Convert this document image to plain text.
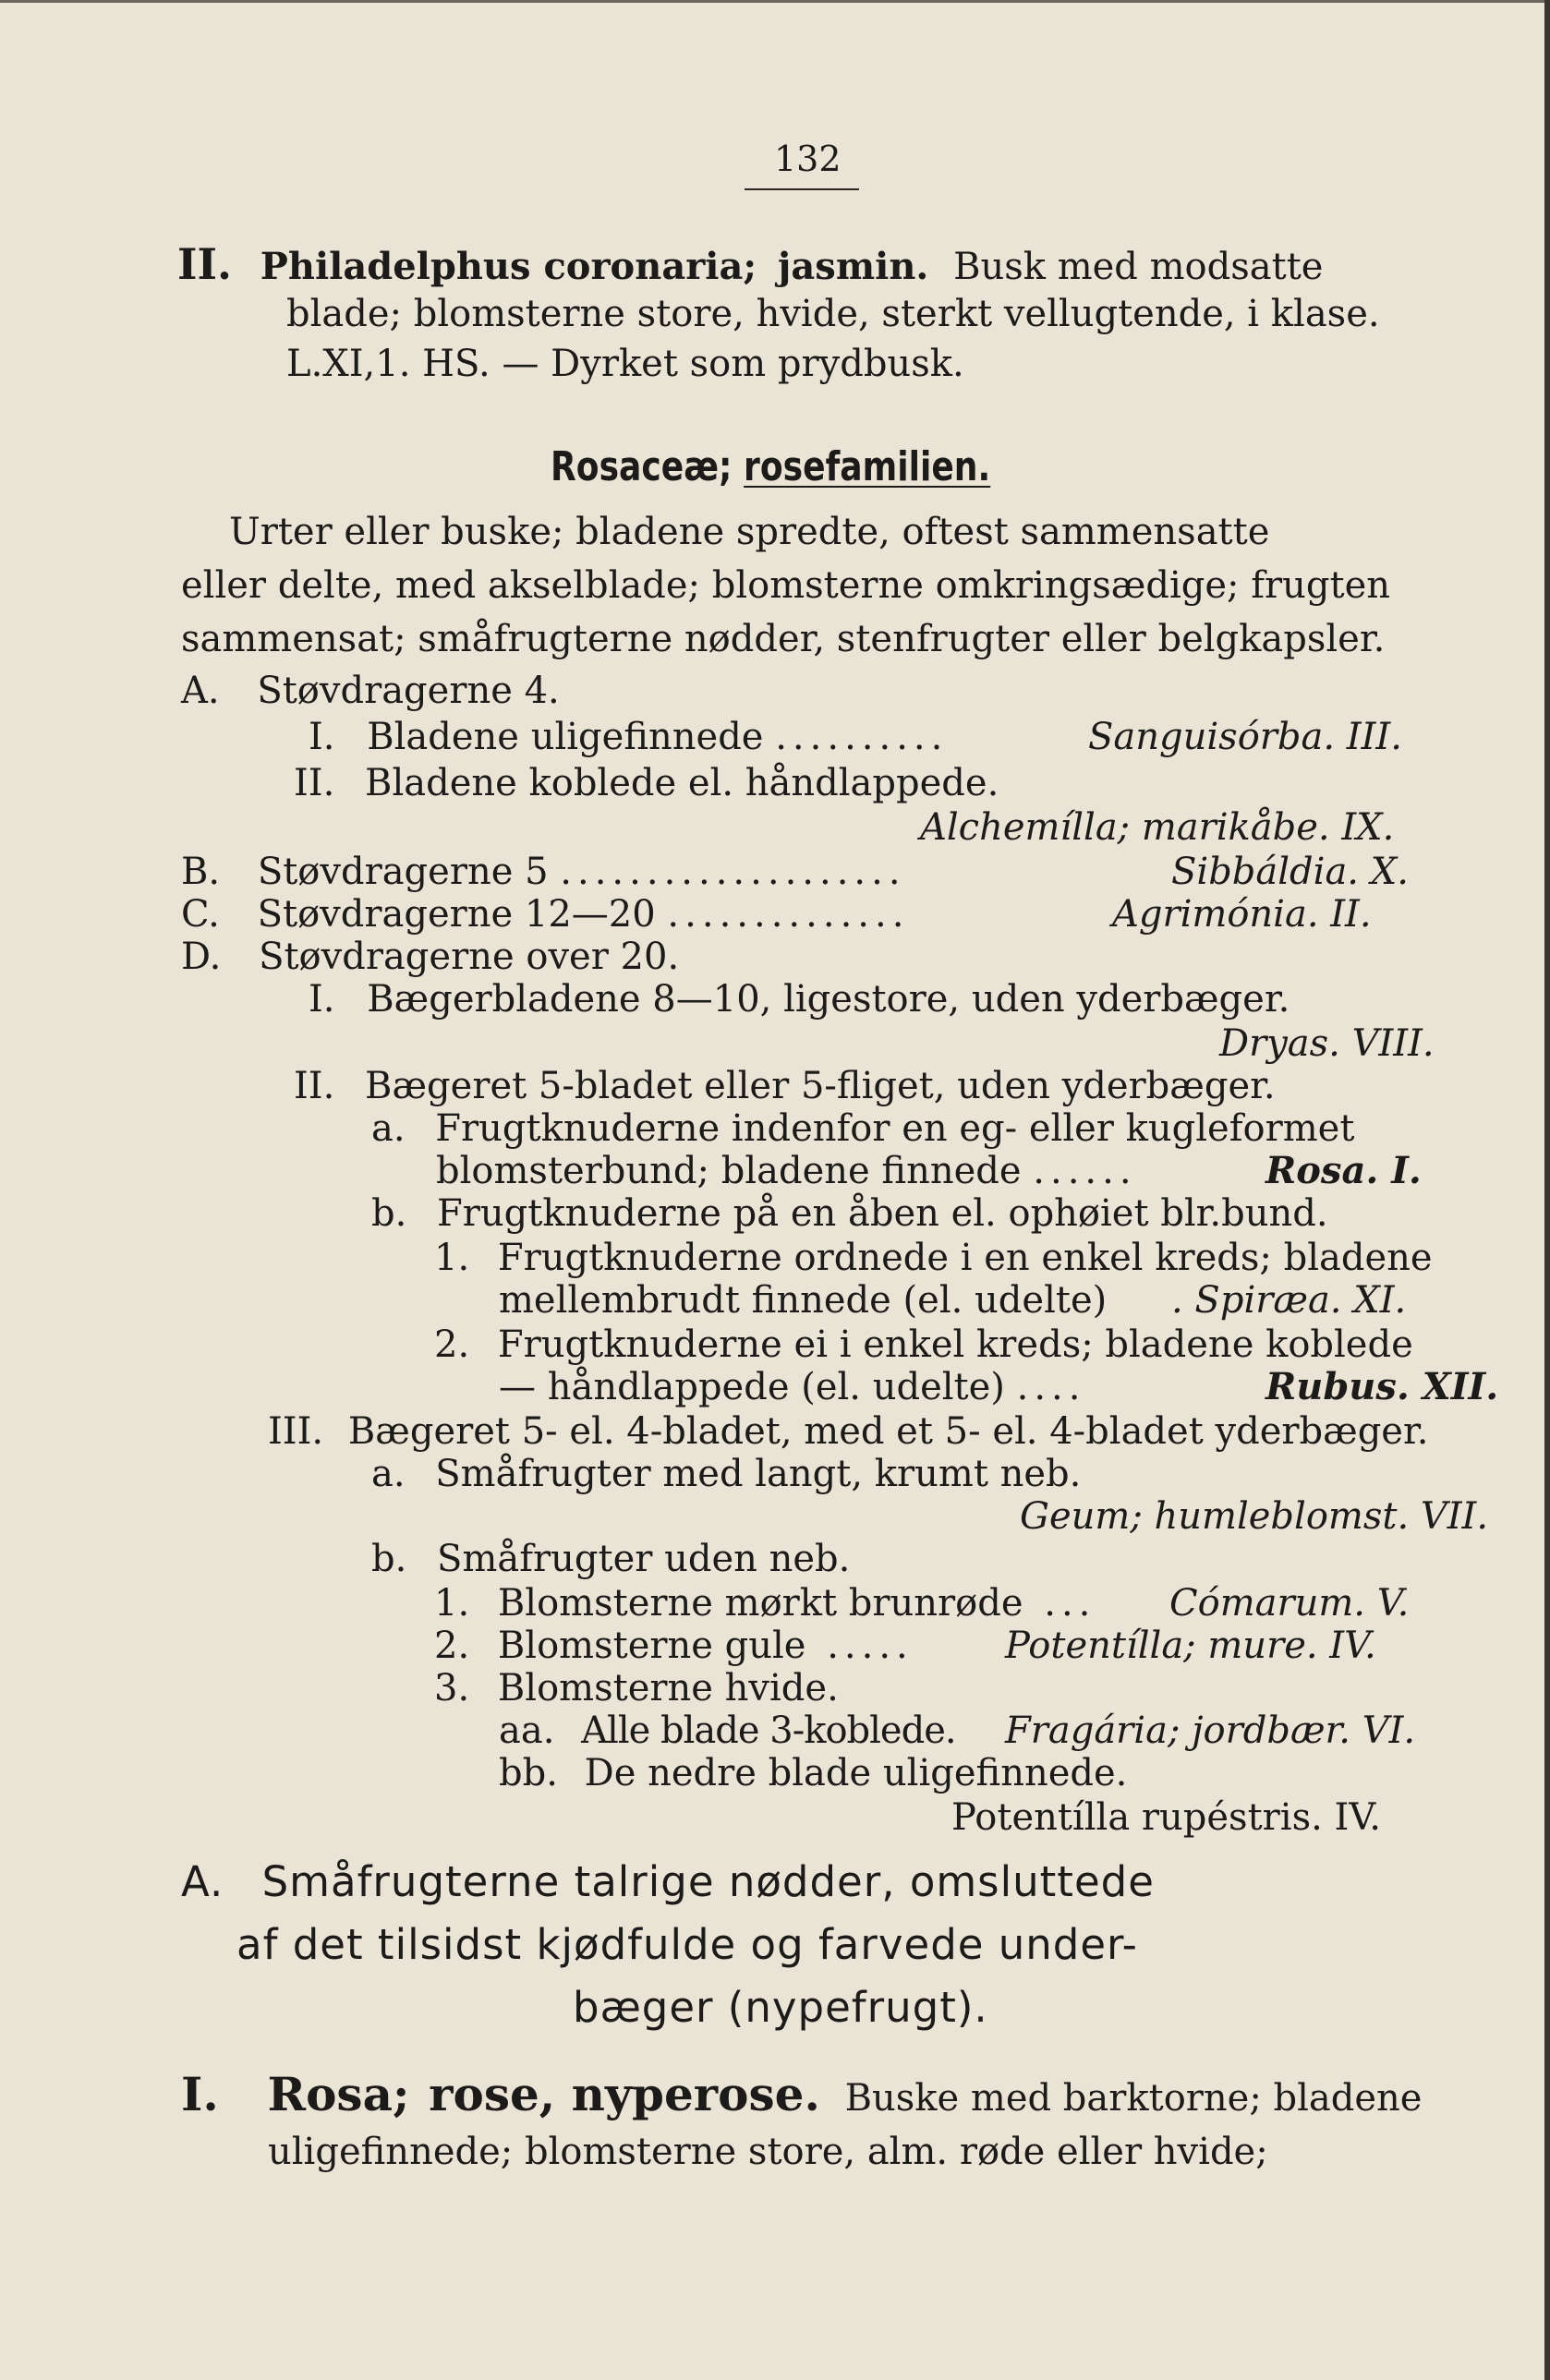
132
II. Philadelphus coronaria; jasmin. Busk med modsatte
blade; blomsterne store, hvide, sterkt vellugtende, i klase.
L.XI,1. HS. — Dyrket som prydbusk.
Rosaceæ; rosefamilien.
Urter eller buske; bladene spredte, oftest sammensatte
eller delte, med akselblade; blomsterne omkringsædige; frugten
sammensat; småfrugterne nødder, stenfrugter eller belgkapsler.
A. Støvdragerne 4.
I. Bladene uligefinnede ..........	Sanguisórba. III.
II. Bladene koblede el. håndlappede.
Alchemílla; marikåbe. IX.
B. Støvdragerne 5 ....................	Sibbáldia. X.
C. Støvdragerne 12—20 ..............	Agrimónia. II.
D. Støvdragerne over 20.
I. Bægerbladene 8—10, ligestore, uden yderbæger.
Dryas. VIII.
II. Bægeret 5-bladet eller 5-fliget, uden yderbæger.
a. Frugtknuderne indenfor en eg- eller kugleformet
blomsterbund; bladene finnede ......	Rosa. I.
b. Frugtknuderne på en åben el. ophøiet blr.bund.
1. Frugtknuderne ordnede i en enkel kreds; bladene
mellembrudt finnede (el. udelte) . Spiræa. XI.
2. Frugtknuderne ei i enkel kreds; bladene koblede
— håndlappede (el. udelte) ....	Rubus. XII.
III. Bægeret 5- el. 4-bladet, med et 5- el. 4-bladet yderbæger.
a. Småfrugter med langt, krumt neb.
Geum; humleblomst. VII.
b. Småfrugter uden neb.
1. Blomsterne mørkt brunrøde ... Cómarum. V.
2. Blomsterne gule ..... Potentílla; mure. IV.
3. Blomsterne hvide.
aa. Alle blade 3-koblede. Fragária; jordbær. VI.
bb. De nedre blade uligefinnede.
Potentílla rupéstris. IV.
A. Småfrugterne talrige nødder, omsluttede
af det tilsidst kjødfulde og farvede under-
bæger (nypefrugt).
I. Rosa; rose, nyperose. Buske med barktorne; bladene
uligefinnede; blomsterne store, alm. røde eller hvide;
